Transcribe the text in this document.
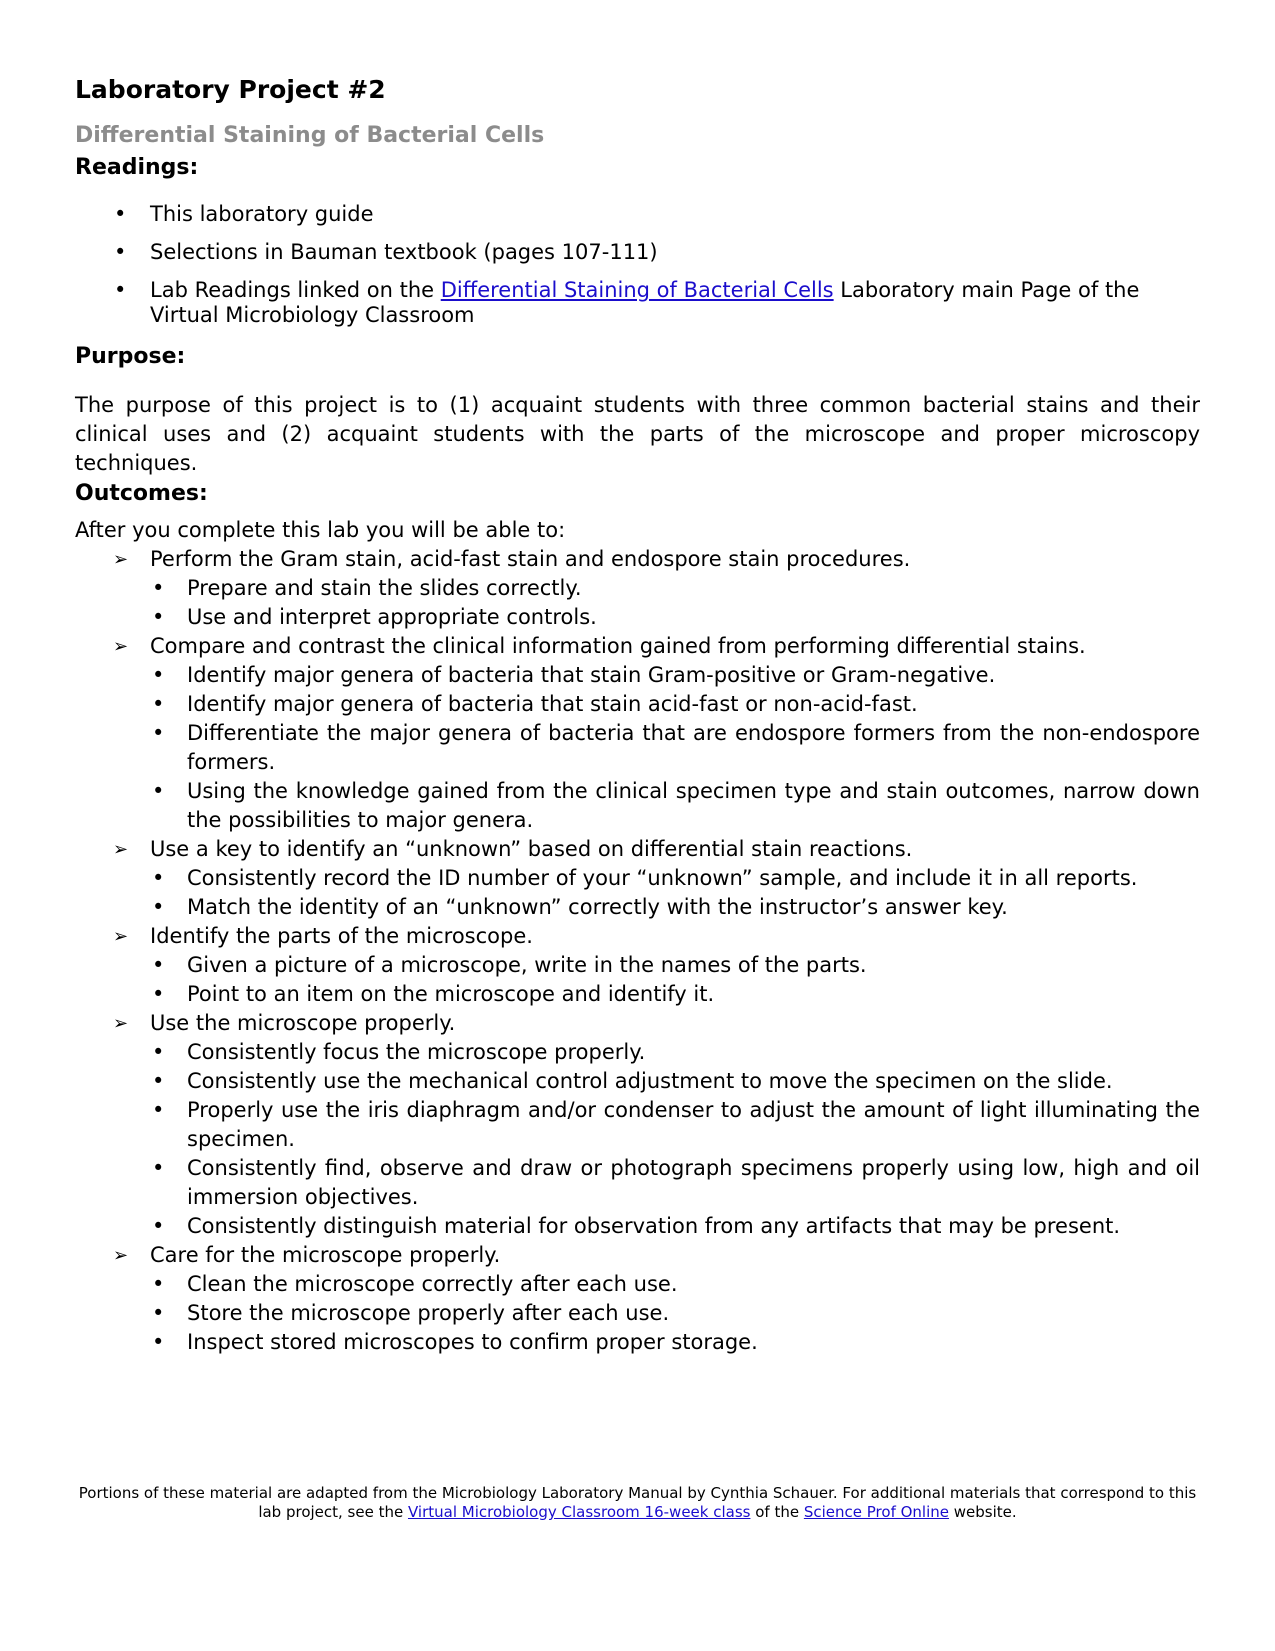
Laboratory Project #2
Differential Staining of Bacterial Cells
Readings:
• This laboratory guide
• Selections in Bauman textbook (pages 107-111)
• Lab Readings linked on the Differential Staining of Bacterial Cells Laboratory main Page of the Virtual Microbiology Classroom
Purpose:

The purpose of this project is to (1) acquaint students with three common bacterial stains and their clinical uses and (2) acquaint students with the parts of the microscope and proper microscopy techniques.

Outcomes:

After you complete this lab you will be able to:

➢ Perform the Gram stain, acid-fast stain and endospore stain procedures.
• Prepare and stain the slides correctly.
• Use and interpret appropriate controls.
➢ Compare and contrast the clinical information gained from performing differential stains.
• Identify major genera of bacteria that stain Gram-positive or Gram-negative.
• Identify major genera of bacteria that stain acid-fast or non-acid-fast.
• Differentiate the major genera of bacteria that are endospore formers from the non-endospore formers.
• Using the knowledge gained from the clinical specimen type and stain outcomes, narrow down the possibilities to major genera.
➢ Use a key to identify an “unknown” based on differential stain reactions.
• Consistently record the ID number of your “unknown” sample, and include it in all reports.
• Match the identity of an “unknown” correctly with the instructor’s answer key.
➢ Identify the parts of the microscope.
• Given a picture of a microscope, write in the names of the parts.
• Point to an item on the microscope and identify it.
➢ Use the microscope properly.
• Consistently focus the microscope properly.
• Consistently use the mechanical control adjustment to move the specimen on the slide.
• Properly use the iris diaphragm and/or condenser to adjust the amount of light illuminating the specimen.
• Consistently find, observe and draw or photograph specimens properly using low, high and oil immersion objectives.
• Consistently distinguish material for observation from any artifacts that may be present.
➢ Care for the microscope properly.
• Clean the microscope correctly after each use.
• Store the microscope properly after each use.
• Inspect stored microscopes to confirm proper storage.
Portions of these material are adapted from the Microbiology Laboratory Manual by Cynthia Schauer. For additional materials that correspond to this lab project, see the Virtual Microbiology Classroom 16-week class of the Science Prof Online website.
